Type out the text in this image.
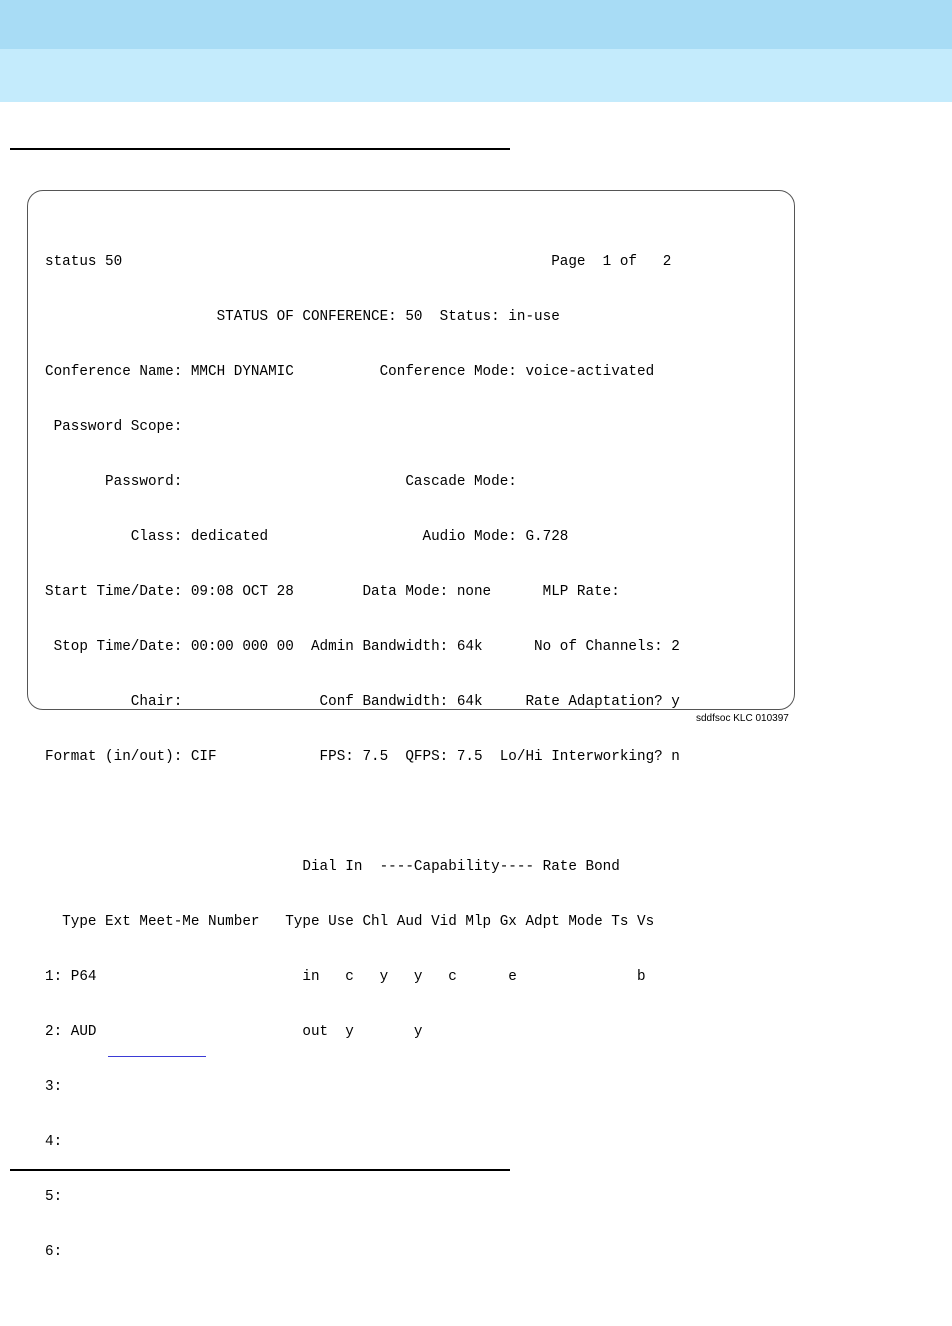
status 50                                                  Page  1 of   2

STATUS OF CONFERENCE: 50  Status: in-use

Conference Name: MMCH DYNAMIC          Conference Mode: voice-activated

Password Scope:

Password:                          Cascade Mode:

Class: dedicated                  Audio Mode: G.728

Start Time/Date: 09:08 OCT 28        Data Mode: none      MLP Rate:

Stop Time/Date: 00:00 000 00  Admin Bandwidth: 64k      No of Channels: 2

Chair:                Conf Bandwidth: 64k     Rate Adaptation? y

Format (in/out): CIF            FPS: 7.5  QFPS: 7.5  Lo/Hi Interworking? n

Dial In  ----Capability---- Rate Bond

Type Ext Meet-Me Number   Type Use Chl Aud Vid Mlp Gx Adpt Mode Ts Vs

1: P64                        in   c   y   y   c      e              b

2: AUD                        out  y       y

3:

4:

5:

6:

sddfsoc KLC 010397
